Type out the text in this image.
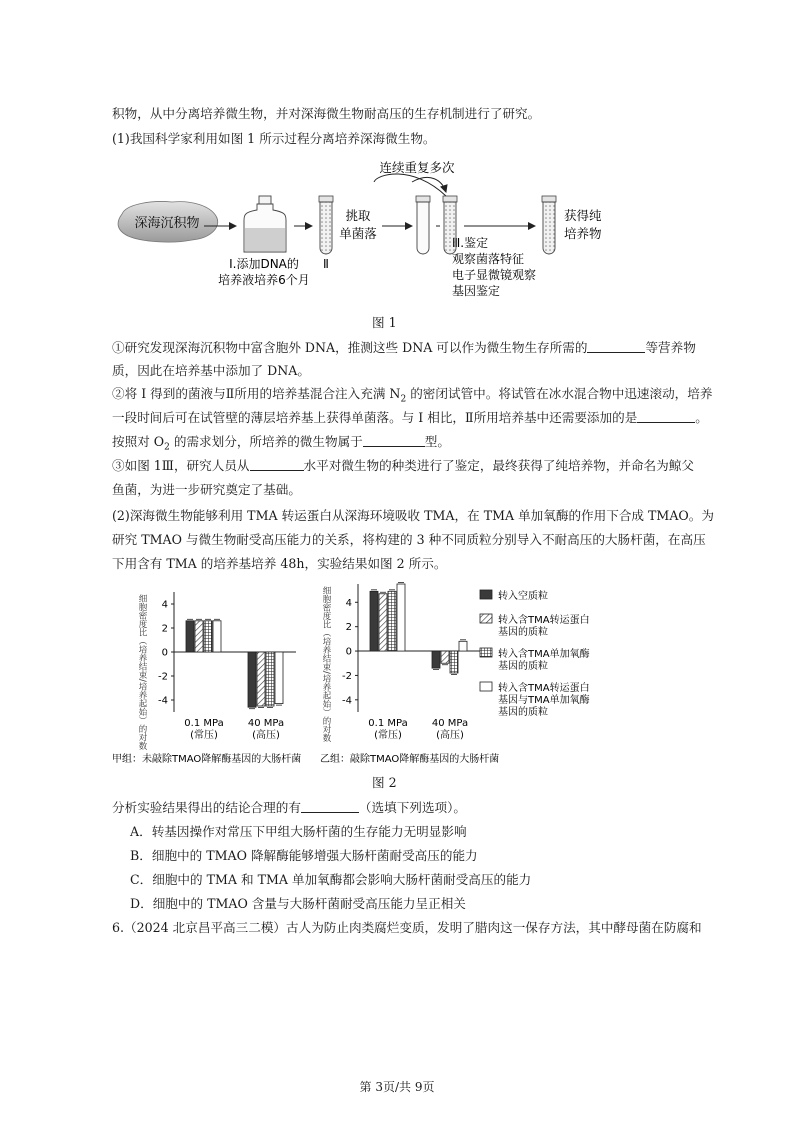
积物，从中分离培养微生物，并对深海微生物耐高压的生存机制进行了研究。
(1)我国科学家利用如图 1 所示过程分离培养深海微生物。
深海沉积物
Ⅰ.添加DNA的
培养液培养6个月
Ⅱ
挑取
单菌落
连续重复多次
Ⅲ.鉴定
观察菌落特征
电子显微镜观察
基因鉴定
获得纯
培养物
图 1
①研究发现深海沉积物中富含胞外 DNA，推测这些 DNA 可以作为微生物生存所需的	等营养物
质，因此在培养基中添加了 DNA。
②将 I 得到的菌液与Ⅱ所用的培养基混合注入充满 $N_2$ 的密闭试管中。将试管在冰水混合物中迅速滚动，培养
一段时间后可在试管壁的薄层培养基上获得单菌落。与 I 相比，Ⅱ所用培养基中还需要添加的是	。
按照对 $O_2$ 的需求划分，所培养的微生物属于	型。
③如图 1Ⅲ，研究人员从	水平对微生物的种类进行了鉴定，最终获得了纯培养物，并命名为鲸父
鱼菌，为进一步研究奠定了基础。
(2)深海微生物能够利用 TMA 转运蛋白从深海环境吸收 TMA，在 TMA 单加氧酶的作用下合成 TMAO。为
研究 TMAO 与微生物耐受高压能力的关系，将构建的 3 种不同质粒分别导入不耐高压的大肠杆菌，在高压
下用含有 TMA 的培养基培养 48h，实验结果如图 2 所示。
-4
-2
0
2
4
细胞密度比（培养结束/培养起始）的对数	0.1 MPa
(常压)
40 MPa
(高压)
甲组：未敲除TMAO降解酶基因的大肠杆菌
-4
-2
0
2
4
细胞密度比（培养结束/培养起始）的对数	0.1 MPa
(常压)
40 MPa
(高压)
乙组：敲除TMAO降解酶基因的大肠杆菌
转入空质粒
转入含TMA转运蛋白
基因的质粒
转入含TMA单加氧酶
基因的质粒
转入含TMA转运蛋白
基因与TMA单加氧酶
基因的质粒
图 2
分析实验结果得出的结论合理的有	（选填下列选项）。
A．转基因操作对常压下甲组大肠杆菌的生存能力无明显影响
B．细胞中的 TMAO 降解酶能够增强大肠杆菌耐受高压的能力
C．细胞中的 TMA 和 TMA 单加氧酶都会影响大肠杆菌耐受高压的能力
D．细胞中的 TMAO 含量与大肠杆菌耐受高压能力呈正相关
6.（2024 北京昌平高三二模）古人为防止肉类腐烂变质，发明了腊肉这一保存方法，其中酵母菌在防腐和
第 3页/共 9页
